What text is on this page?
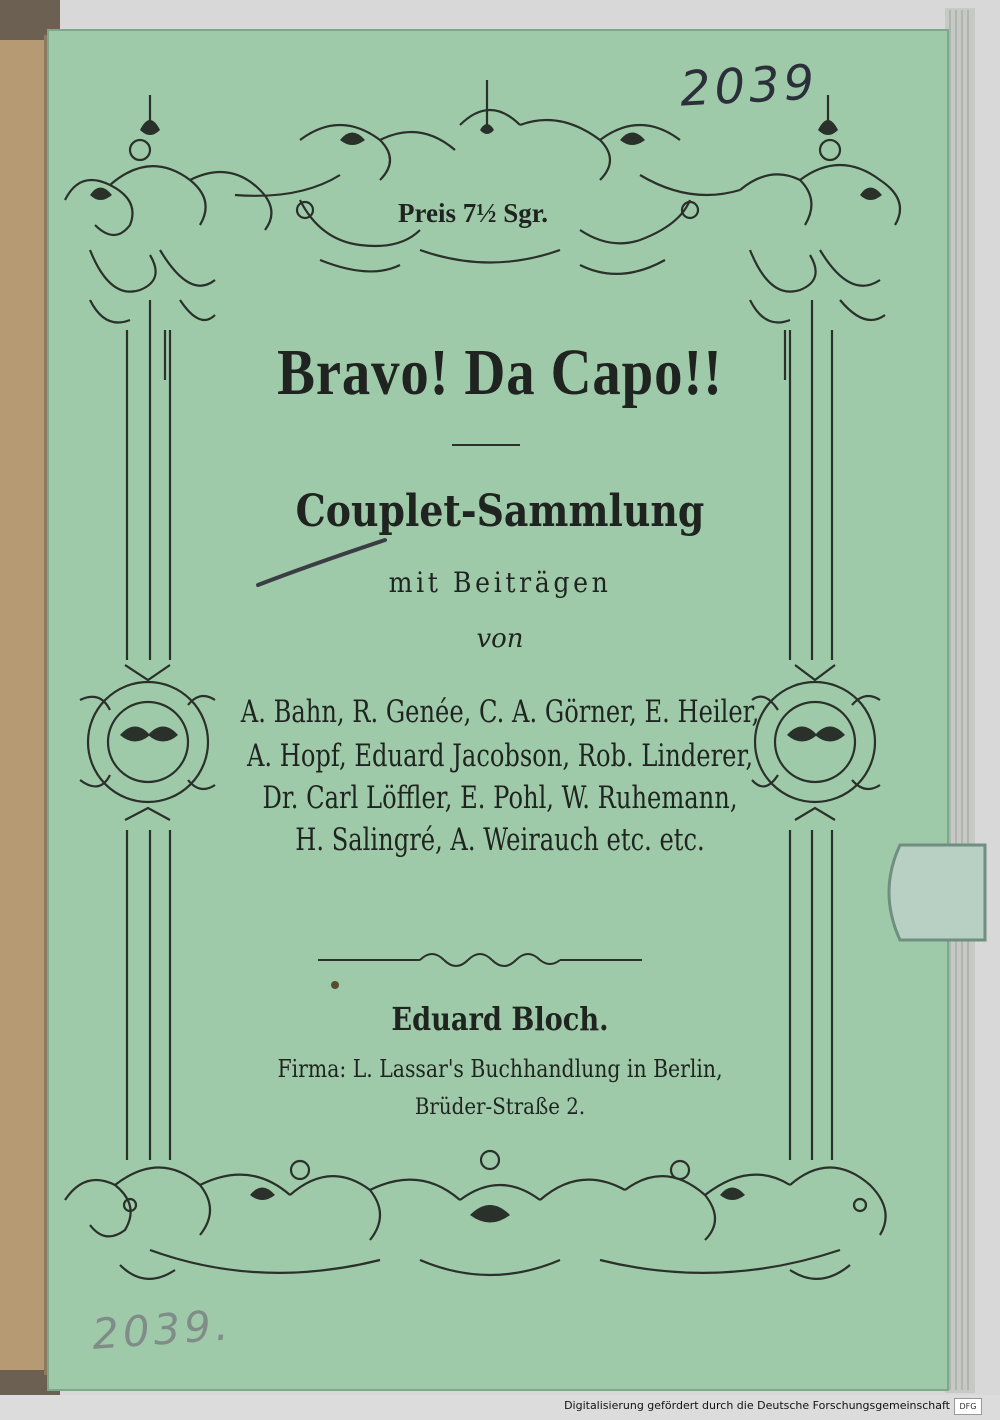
2039
Preis 7½ Sgr.
Bravo! Da Capo!!
Couplet-Sammlung
mit Beiträgen
von
A. Bahn, R. Genée, C. A. Görner, E. Heiler,
A. Hopf, Eduard Jacobson, Rob. Linderer,
Dr. Carl Löffler, E. Pohl, W. Ruhemann,
H. Salingré, A. Weirauch etc. etc.
Eduard Bloch.
Firma: L. Lassar's Buchhandlung in Berlin,
Brüder-Straße 2.
2039.
Digitalisierung gefördert durch die Deutsche Forschungsgemeinschaft	DFG
